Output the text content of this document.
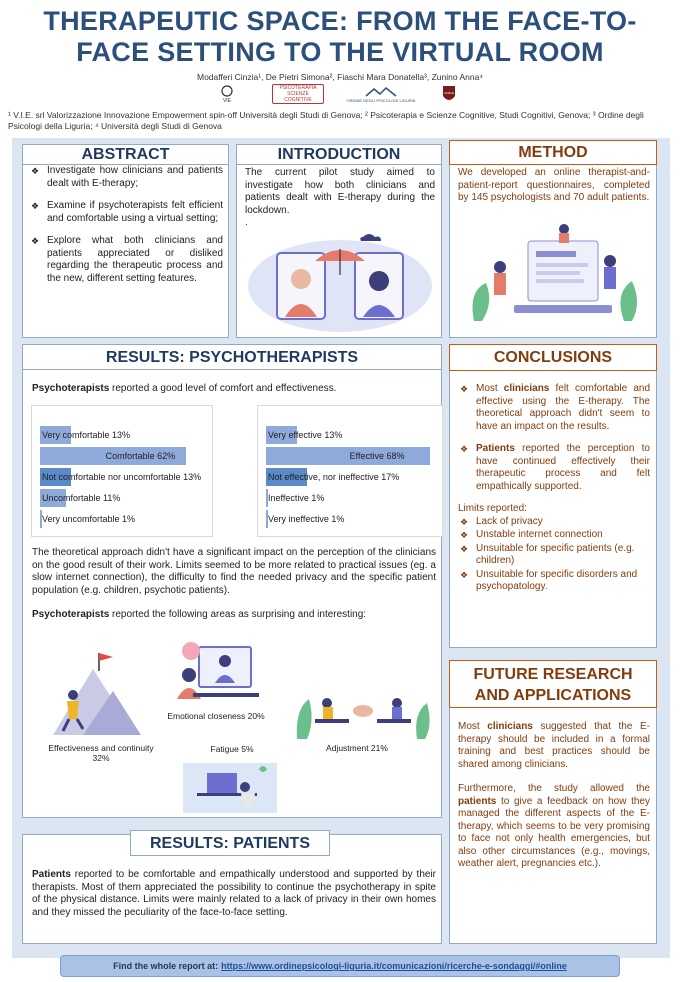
THERAPEUTIC SPACE: FROM THE FACE-TO-FACE SETTING TO THE VIRTUAL ROOM
Modafferi Cinzia¹, De Pietri Simona², Fiaschi Mara Donatella³, Zunino Anna⁴
VIE
PSICOTERAPIA SCIENZE COGNITIVE	ORDINE DEGLI PSICOLOGI LIGURIA
UNIGE
¹ V.I.E. srl Valorizzazione Innovazione Empowerment spin-off Università degli Studi di Genova; ² Psicoterapia e Scienze Cognitive, Studi Cognitivi, Genova; ³ Ordine degli Psicologi della Liguria; ⁴ Università degli Studi di Genova
❖ Investigate how clinicians and patients dealt with E-therapy;
❖ Examine if psychoterapists felt efficient and comfortable using a virtual setting;
❖ Explore what both clinicians and patients appreciated or disliked regarding the therapeutic process and the new, different setting features.
ABSTRACT
The current pilot study aimed to investigate how both clinicians and patients dealt with E-therapy during the lockdown.
.
INTRODUCTION
We developed an online therapist-and-patient-report questionnaires, completed by 145 psychologists and 70 adult patients.
METHOD
Psychoterapists reported a good level of comfort and effectiveness.
Very comfortable 13%
Comfortable 62%
Not comfortable nor uncomfortable 13%
Uncomfortable 11%
Very uncomfortable 1%
Very effective 13%
Effective 68%
Not effective, nor ineffective 17%
Ineffective 1%
Very ineffective 1%
The theoretical approach didn't have a significant impact on the perception of the clinicians on the good result of their work. Limits seemed to be more related to practical issues (eg. a slow internet connection), the difficulty to find the needed privacy and the specific patient population (e.g. children, psychotic patients).
Psychoterapists reported the following areas as surprising and interesting:
Effectiveness and continuity 32%
Emotional closeness 20%
Adjustment 21%
Fatigue 5%
RESULTS: PSYCHOTHERAPISTS
Patients reported to be comfortable and empathically understood and supported by their therapists. Most of them appreciated the possibility to continue the psychotherapy in spite of the physical distance. Limits were mainly related to a lack of privacy in their own homes and they missed the peculiarity of the face-to-face setting.
RESULTS: PATIENTS
❖ Most clinicians felt comfortable and effective using the E-therapy. The theoretical approach didn't seem to have an impact on the results.
❖ Patients reported the perception to have continued effectively their therapeutic process and felt empathically supported.
Limits reported:
❖ Lack of privacy
❖ Unstable internet connection
❖ Unsuitable for specific patients (e.g. children)
❖ Unsuitable for specific disorders and psychopatology.
CONCLUSIONS
Most clinicians suggested that the E-therapy should be included in a formal training and best practices should be shared among clinicians.
Furthermore, the study allowed the patients to give a feedback on how they managed the different aspects of the E-therapy, which seems to be very promising to face not only health emergencies, but also other circumstances (e.g., movings, weather alert, pregnancies etc.).
FUTURE RESEARCH AND APPLICATIONS
Find the whole report at: https://www.ordinepsicologi-liguria.it/comunicazioni/ricerche-e-sondaggi/#online
